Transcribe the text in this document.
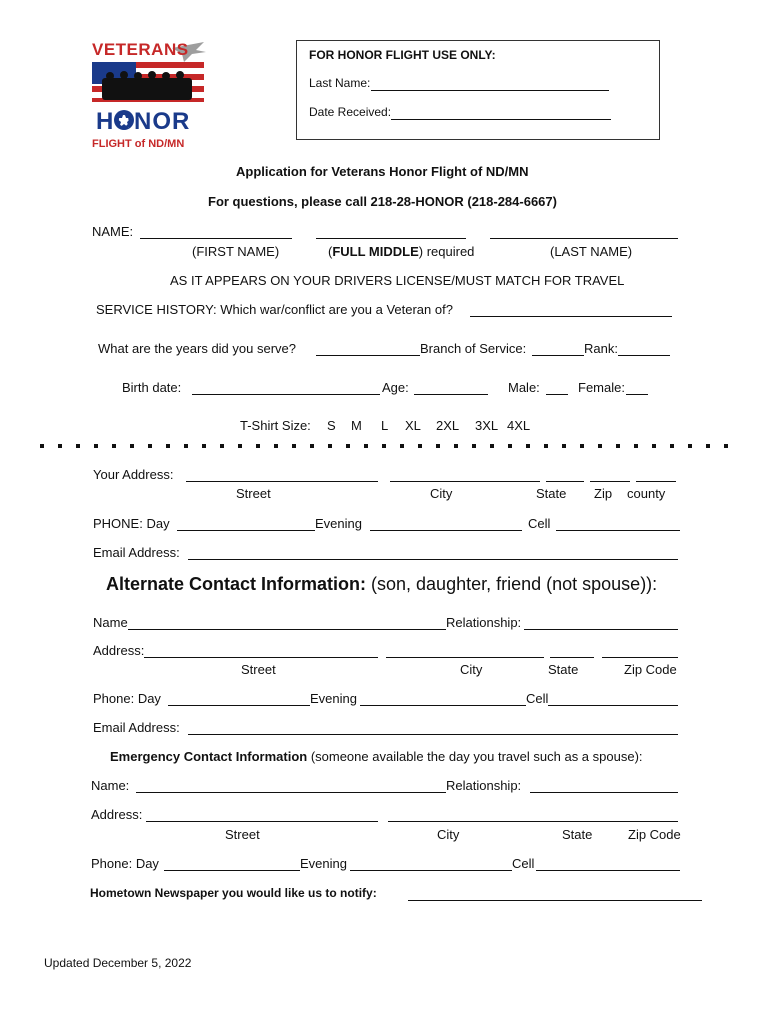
VETERANS
HONOR
FLIGHT of ND/MN
FOR HONOR FLIGHT USE ONLY:
Last Name:
Date Received:
Application for Veterans Honor Flight of ND/MN
For questions, please call 218-28-HONOR (218-284-6667)
NAME:
(FIRST NAME)	(FULL MIDDLE) required	(LAST NAME)
AS IT APPEARS ON YOUR DRIVERS LICENSE/MUST MATCH FOR TRAVEL
SERVICE HISTORY: Which war/conflict are you a Veteran of?
What are the years did you serve?	Branch of Service:	Rank:
Birth date:	Age:	Male:	Female:
T-Shirt Size: S M L XL 2XL 3XL 4XL
Your Address:
Street	City	State Zip county
PHONE: Day	Evening	Cell
Email Address:
Alternate Contact Information: (son, daughter, friend (not spouse)):
Name	Relationship:
Address:
Street	City	State	Zip Code
Phone: Day	Evening	Cell
Email Address:
Emergency Contact Information (someone available the day you travel such as a spouse):
Name:	Relationship:
Address:
Street	City	State	Zip Code
Phone: Day	Evening	Cell
Hometown Newspaper you would like us to notify:
Updated December 5, 2022
